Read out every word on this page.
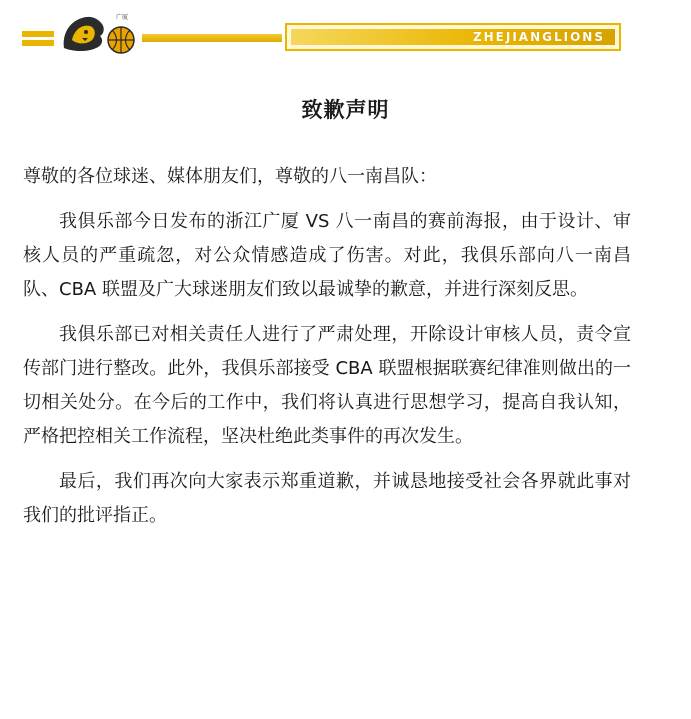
广厦
ZHEJIANGLIONS
致歉声明

尊敬的各位球迷、媒体朋友们，尊敬的八一南昌队：

我俱乐部今日发布的浙江广厦 VS 八一南昌的赛前海报，由于设计、审核人员的严重疏忽，对公众情感造成了伤害。对此，我俱乐部向八一南昌队、CBA 联盟及广大球迷朋友们致以最诚挚的歉意，并进行深刻反思。

我俱乐部已对相关责任人进行了严肃处理，开除设计审核人员，责令宣传部门进行整改。此外，我俱乐部接受 CBA 联盟根据联赛纪律准则做出的一切相关处分。在今后的工作中，我们将认真进行思想学习，提高自我认知，严格把控相关工作流程，坚决杜绝此类事件的再次发生。

最后，我们再次向大家表示郑重道歉，并诚恳地接受社会各界就此事对我们的批评指正。
